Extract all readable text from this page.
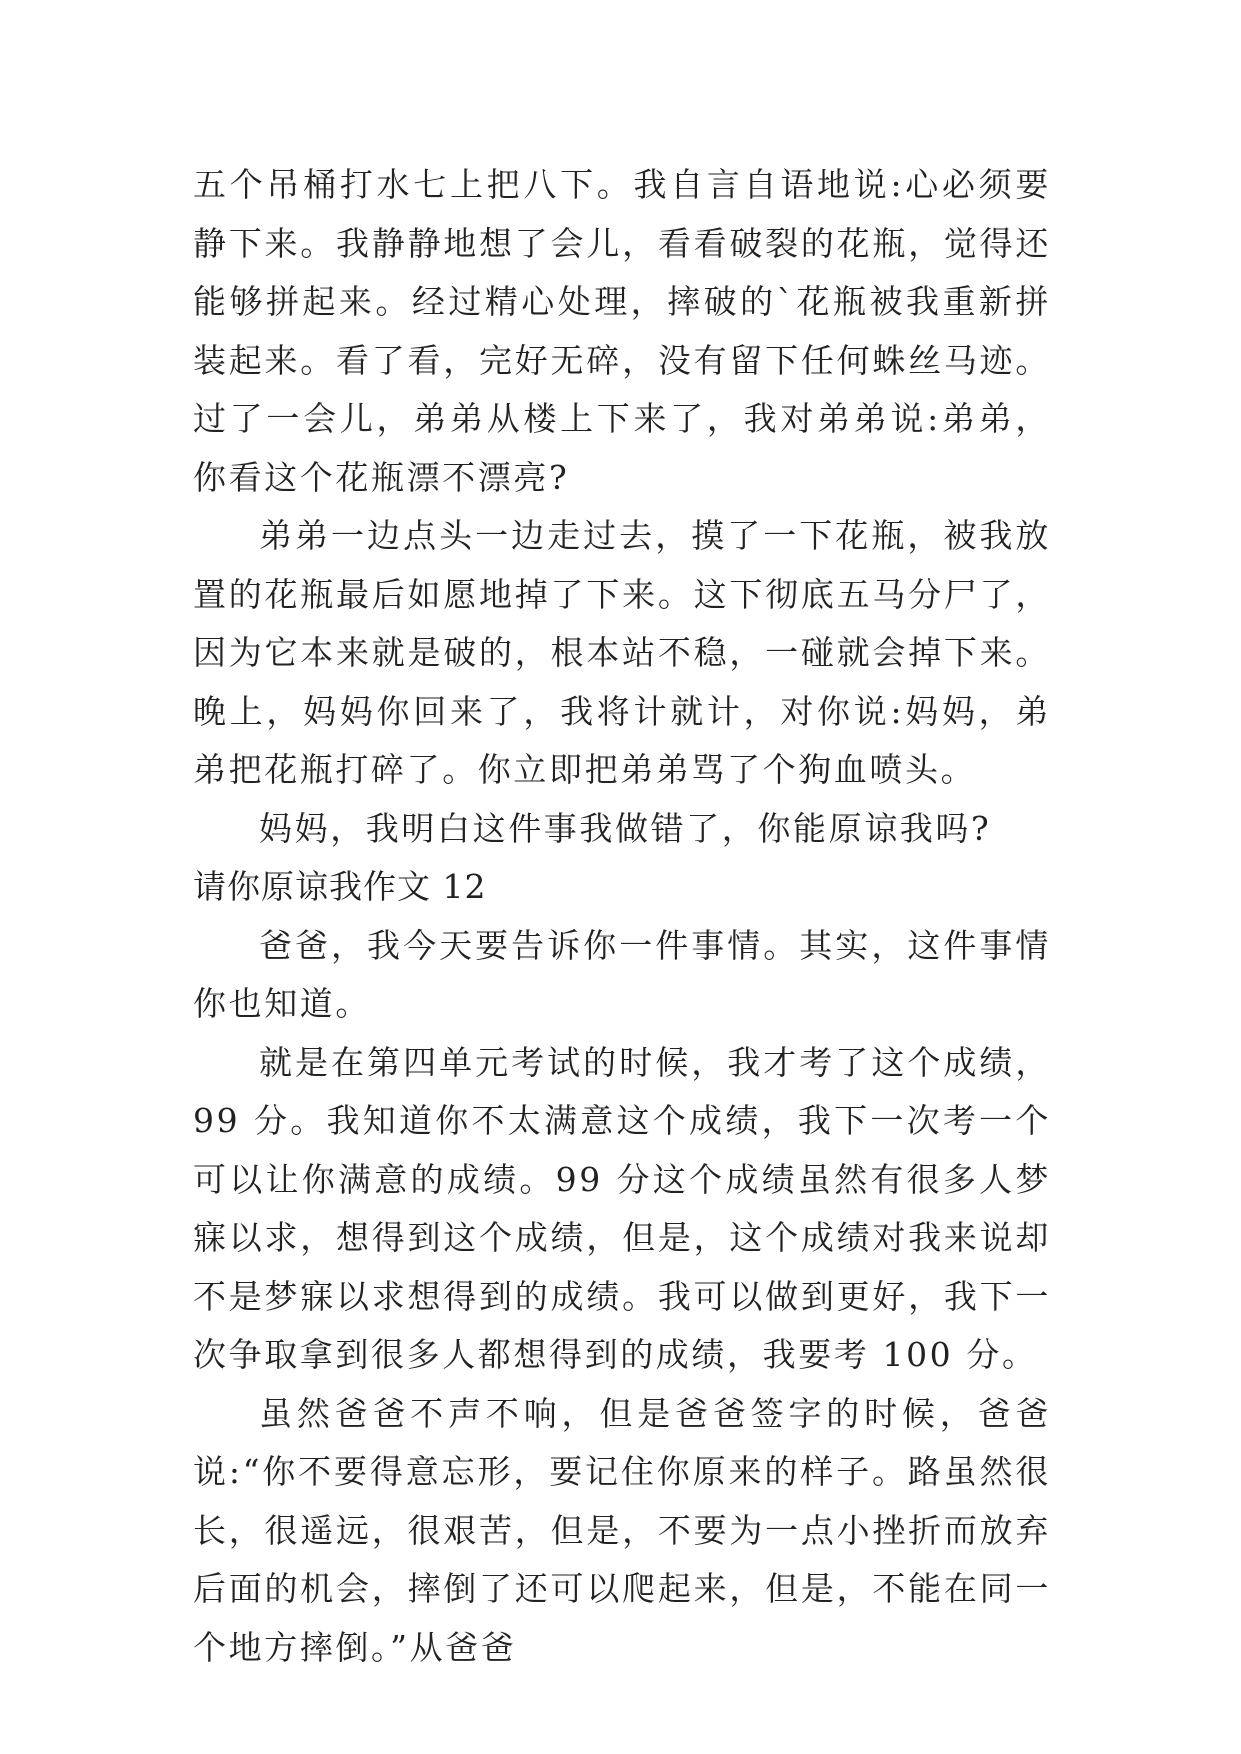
五个吊桶打水七上把八下。我自言自语地说:心必须要静下来。我静静地想了会儿，看看破裂的花瓶，觉得还能够拼起来。经过精心处理，摔破的`花瓶被我重新拼装起来。看了看，完好无碎，没有留下任何蛛丝马迹。过了一会儿，弟弟从楼上下来了，我对弟弟说:弟弟，你看这个花瓶漂不漂亮?

弟弟一边点头一边走过去，摸了一下花瓶，被我放置的花瓶最后如愿地掉了下来。这下彻底五马分尸了，因为它本来就是破的，根本站不稳，一碰就会掉下来。晚上，妈妈你回来了，我将计就计，对你说:妈妈，弟弟把花瓶打碎了。你立即把弟弟骂了个狗血喷头。

妈妈，我明白这件事我做错了，你能原谅我吗?

请你原谅我作文 12

爸爸，我今天要告诉你一件事情。其实，这件事情你也知道。

就是在第四单元考试的时候，我才考了这个成绩，99 分。我知道你不太满意这个成绩，我下一次考一个可以让你满意的成绩。99 分这个成绩虽然有很多人梦寐以求，想得到这个成绩，但是，这个成绩对我来说却不是梦寐以求想得到的成绩。我可以做到更好，我下一次争取拿到很多人都想得到的成绩，我要考 100 分。

虽然爸爸不声不响，但是爸爸签字的时候，爸爸说:“你不要得意忘形，要记住你原来的样子。路虽然很长，很遥远，很艰苦，但是，不要为一点小挫折而放弃后面的机会，摔倒了还可以爬起来，但是，不能在同一个地方摔倒。”从爸爸
